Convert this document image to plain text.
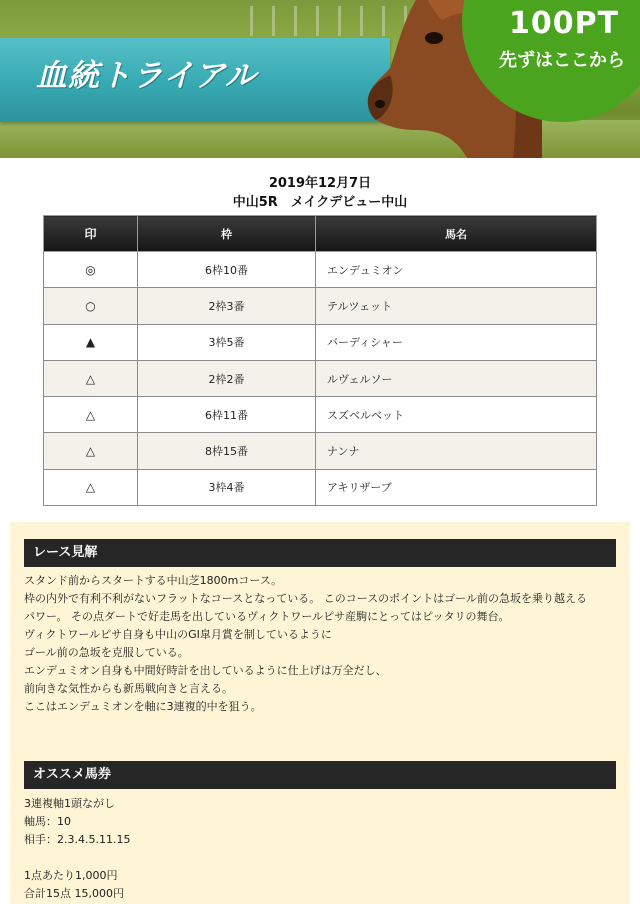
血統トライアル
100PT
先ずはここから
2019年12月7日
中山5R　メイクデビュー中山
印	枠	馬名
◎	6枠10番	エンデュミオン
○	2枠3番	テルツェット
▲	3枠5番	バーディシャー
△	2枠2番	ルヴェルソー
△	6枠11番	スズベルベット
△	8枠15番	ナンナ
△	3枠4番	アキリザーブ
レース見解

スタンド前からスタートする中山芝1800mコース。

枠の内外で有利不利がないフラットなコースとなっている。 このコースのポイントはゴール前の急坂を乗り越える

パワー。 その点ダートで好走馬を出しているヴィクトワールピサ産駒にとってはピッタリの舞台。

ヴィクトワールピサ自身も中山のGI皐月賞を制しているように

ゴール前の急坂を克服している。

エンデュミオン自身も中間好時計を出しているように仕上げは万全だし、

前向きな気性からも新馬戦向きと言える。

ここはエンデュミオンを軸に3連複的中を狙う。

オススメ馬券

3連複軸1頭ながし

軸馬：10

相手：2.3.4.5.11.15

1点あたり1,000円

合計15点 15,000円
